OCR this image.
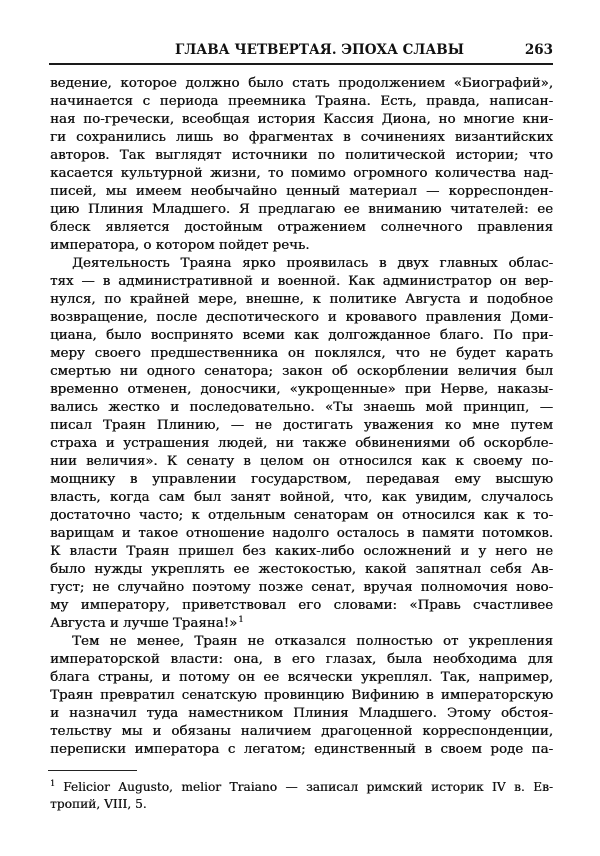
ГЛАВА ЧЕТВЕРТАЯ. ЭПОХА СЛАВЫ	263
ведение, которое должно было стать продолжением «Биографий»,
начинается с периода преемника Траяна. Есть, правда, написан-
ная по-гречески, всеобщая история Кассия Диона, но многие кни-
ги сохранились лишь во фрагментах в сочинениях византийских
авторов. Так выглядят источники по политической истории; что
касается культурной жизни, то помимо огромного количества над-
писей, мы имеем необычайно ценный материал — корреспонден-
цию Плиния Младшего. Я предлагаю ее вниманию читателей: ее
блеск является достойным отражением солнечного правления
императора, о котором пойдет речь.
Деятельность Траяна ярко проявилась в двух главных облас-
тях — в административной и военной. Как администратор он вер-
нулся, по крайней мере, внешне, к политике Августа и подобное
возвращение, после деспотического и кровавого правления Доми-
циана, было воспринято всеми как долгожданное благо. По при-
меру своего предшественника он поклялся, что не будет карать
смертью ни одного сенатора; закон об оскорблении величия был
временно отменен, доносчики, «укрощенные» при Нерве, наказы-
вались жестко и последовательно. «Ты знаешь мой принцип, —
писал Траян Плинию, — не достигать уважения ко мне путем
страха и устрашения людей, ни также обвинениями об оскорбле-
нии величия». К сенату в целом он относился как к своему по-
мощнику в управлении государством, передавая ему высшую
власть, когда сам был занят войной, что, как увидим, случалось
достаточно часто; к отдельным сенаторам он относился как к то-
варищам и такое отношение надолго осталось в памяти потомков.
К власти Траян пришел без каких-либо осложнений и у него не
было нужды укреплять ее жестокостью, какой запятнал себя Ав-
густ; не случайно поэтому позже сенат, вручая полномочия ново-
му императору, приветствовал его словами: «Правь счастливее
Августа и лучше Траяна!»$^1$
Тем не менее, Траян не отказался полностью от укрепления
императорской власти: она, в его глазах, была необходима для
блага страны, и потому он ее всячески укреплял. Так, например,
Траян превратил сенатскую провинцию Вифинию в императорскую
и назначил туда наместником Плиния Младшего. Этому обстоя-
тельству мы и обязаны наличием драгоценной корреспонденции,
переписки императора с легатом; единственный в своем роде па-
$^1$ Felicior Augusto, melior Traiano — записал римский историк IV в. Ев-
тропий, VIII, 5.
